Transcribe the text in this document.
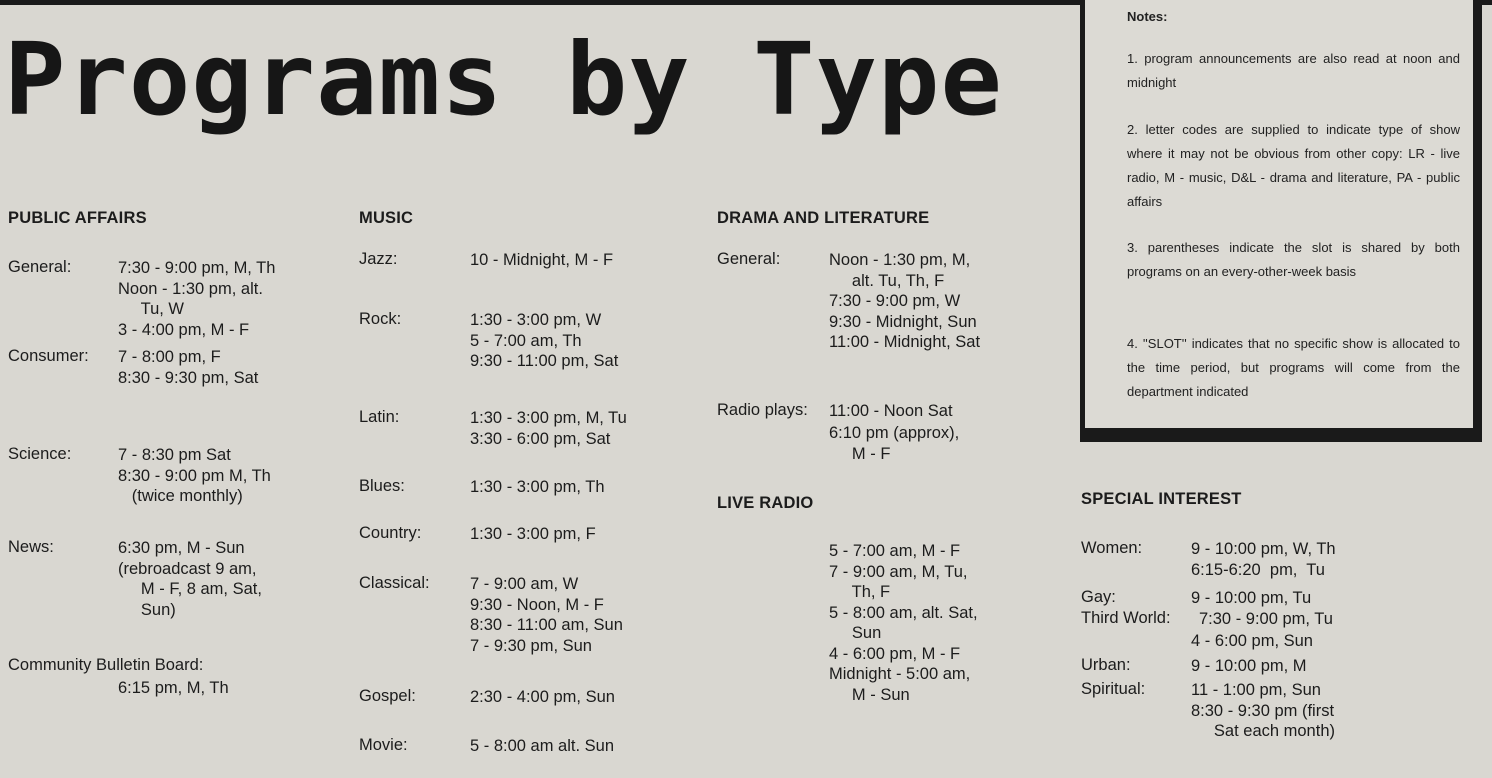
Programs by Type
Notes:
1. program announcements are also read at noon and midnight
2. letter codes are supplied to indicate type of show where it may not be obvious from other copy: LR - live radio, M - music, D&L - drama and literature, PA - public affairs
3. parentheses indicate the slot is shared by both programs on an every-other-week basis
4. ''SLOT'' indicates that no specific show is allocated to the time period, but programs will come from the department indicated
PUBLIC AFFAIRS
General:	7:30 - 9:00 pm, M, Th
Noon - 1:30 pm, alt.
Tu, W
3 - 4:00 pm, M - F
Consumer: 7 - 8:00 pm, F
8:30 - 9:30 pm, Sat
Science:	7 - 8:30 pm Sat
8:30 - 9:00 pm M, Th
(twice monthly)
News:	6:30 pm, M - Sun
(rebroadcast 9 am,
M - F, 8 am, Sat,
Sun)
Community Bulletin Board:
6:15 pm, M, Th
MUSIC
Jazz:	10 - Midnight, M - F
Rock:	1:30 - 3:00 pm, W
5 - 7:00 am, Th
9:30 - 11:00 pm, Sat
Latin:	1:30 - 3:00 pm, M, Tu
3:30 - 6:00 pm, Sat
Blues:	1:30 - 3:00 pm, Th
Country:	1:30 - 3:00 pm, F
Classical: 7 - 9:00 am, W
9:30 - Noon, M - F
8:30 - 11:00 am, Sun
7 - 9:30 pm, Sun
Gospel:	2:30 - 4:00 pm, Sun
Movie:	5 - 8:00 am alt. Sun
DRAMA AND LITERATURE
General:	Noon - 1:30 pm, M,
alt. Tu, Th, F
7:30 - 9:00 pm, W
9:30 - Midnight, Sun
11:00 - Midnight, Sat
Radio plays: 11:00 - Noon Sat
6:10 pm (approx),
M - F
LIVE RADIO
5 - 7:00 am, M - F
7 - 9:00 am, M, Tu,
Th, F
5 - 8:00 am, alt. Sat,
Sun
4 - 6:00 pm, M - F
Midnight - 5:00 am,
M - Sun
SPECIAL INTEREST
Women:	9 - 10:00 pm, W, Th
6:15-6:20  pm,  Tu
Gay:	9 - 10:00 pm, Tu
Third World: 7:30 - 9:00 pm, Tu
4 - 6:00 pm, Sun
Urban:	9 - 10:00 pm, M
Spiritual:	11 - 1:00 pm, Sun
8:30 - 9:30 pm (first
Sat each month)
